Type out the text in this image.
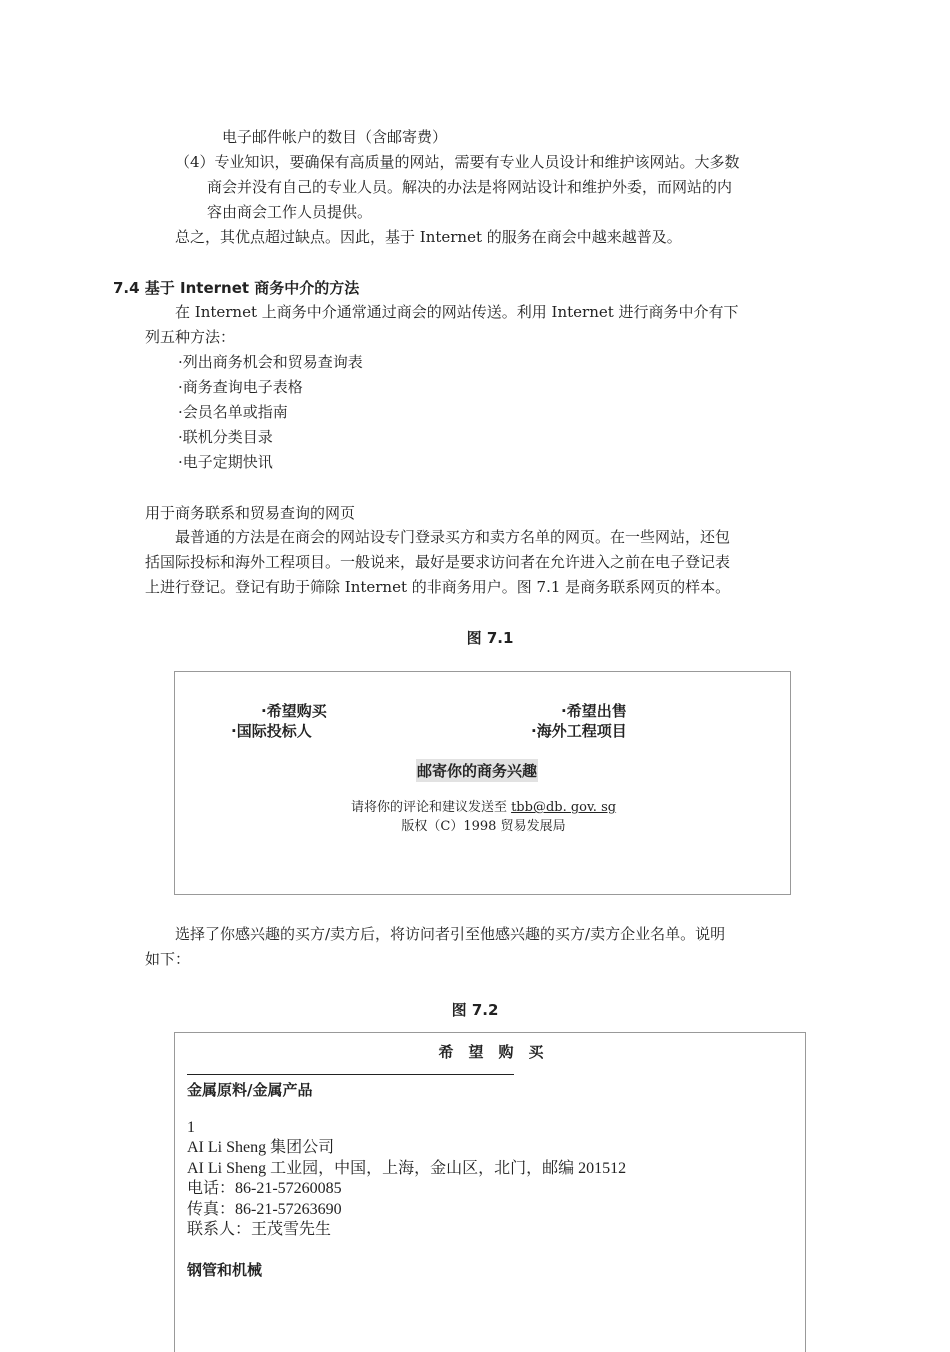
电子邮件帐户的数目（含邮寄费）
（4）专业知识，要确保有高质量的网站，需要有专业人员设计和维护该网站。大多数
商会并没有自己的专业人员。解决的办法是将网站设计和维护外委，而网站的内
容由商会工作人员提供。
总之，其优点超过缺点。因此，基于 Internet 的服务在商会中越来越普及。
7.4 基于 Internet 商务中介的方法
在 Internet 上商务中介通常通过商会的网站传送。利用 Internet 进行商务中介有下
列五种方法：
·列出商务机会和贸易查询表
·商务查询电子表格
·会员名单或指南
·联机分类目录
·电子定期快讯
用于商务联系和贸易查询的网页
最普通的方法是在商会的网站设专门登录买方和卖方名单的网页。在一些网站，还包
括国际投标和海外工程项目。一般说来，最好是要求访问者在允许进入之前在电子登记表
上进行登记。登记有助于筛除 Internet 的非商务用户。图 7.1 是商务联系网页的样本。
图 7.1
·希望购买	·希望出售
·国际投标人	·海外工程项目
邮寄你的商务兴趣
请将你的评论和建议发送至 tbb@db. gov. sg
版权（C）1998 贸易发展局
选择了你感兴趣的买方/卖方后，将访问者引至他感兴趣的买方/卖方企业名单。说明
如下：
图 7.2
希　望　购　买
金属原料/金属产品
1
AI Li Sheng 集团公司
AI Li Sheng 工业园，中国，上海，金山区，北门，邮编 201512
电话：86-21-57260085
传真：86-21-57263690
联系人：王茂雪先生
钢管和机械
